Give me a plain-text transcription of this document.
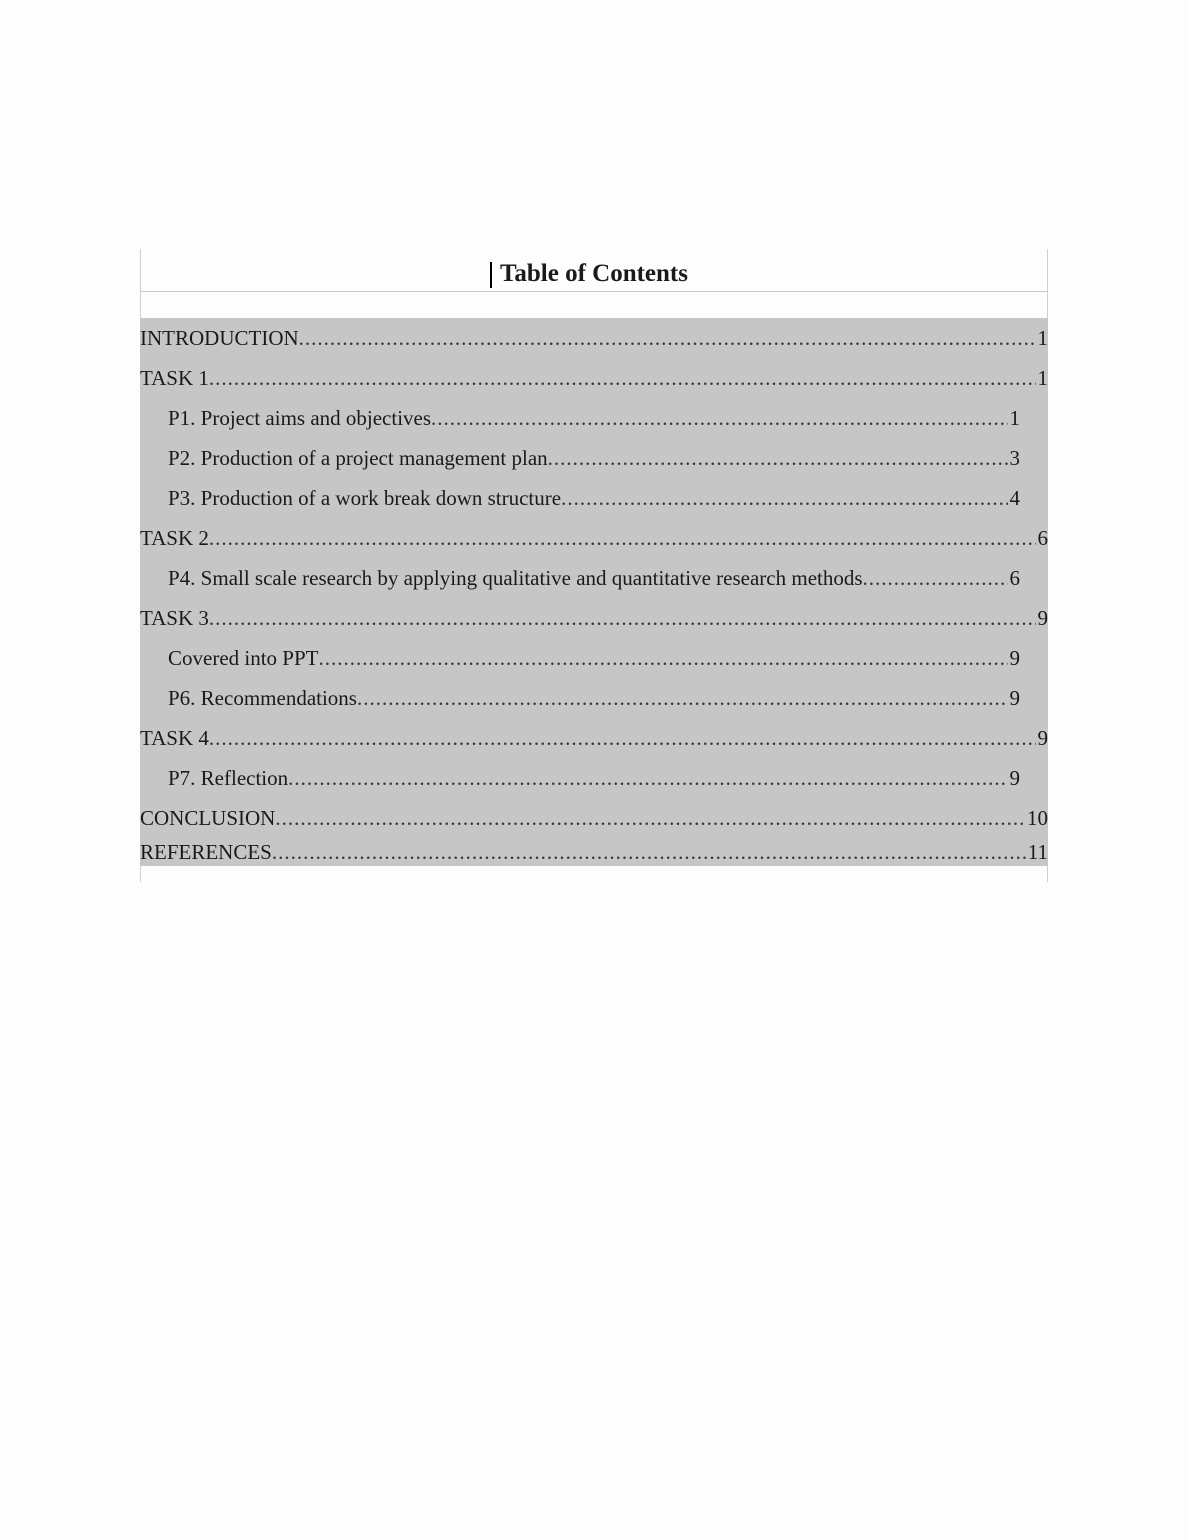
Table of Contents
INTRODUCTION .....	1
TASK 1 .....	1
P1. Project aims and objectives .....	1
P2. Production of a project management plan .....	3
P3. Production of a work break down structure .....	4
TASK 2 .....	6
P4. Small scale research by applying qualitative and quantitative research methods .....	6
TASK 3 .....	9
Covered into PPT .....	9
P6. Recommendations .....	9
TASK 4 .....	9
P7. Reflection .....	9
CONCLUSION .....	10
REFERENCES .....	11
